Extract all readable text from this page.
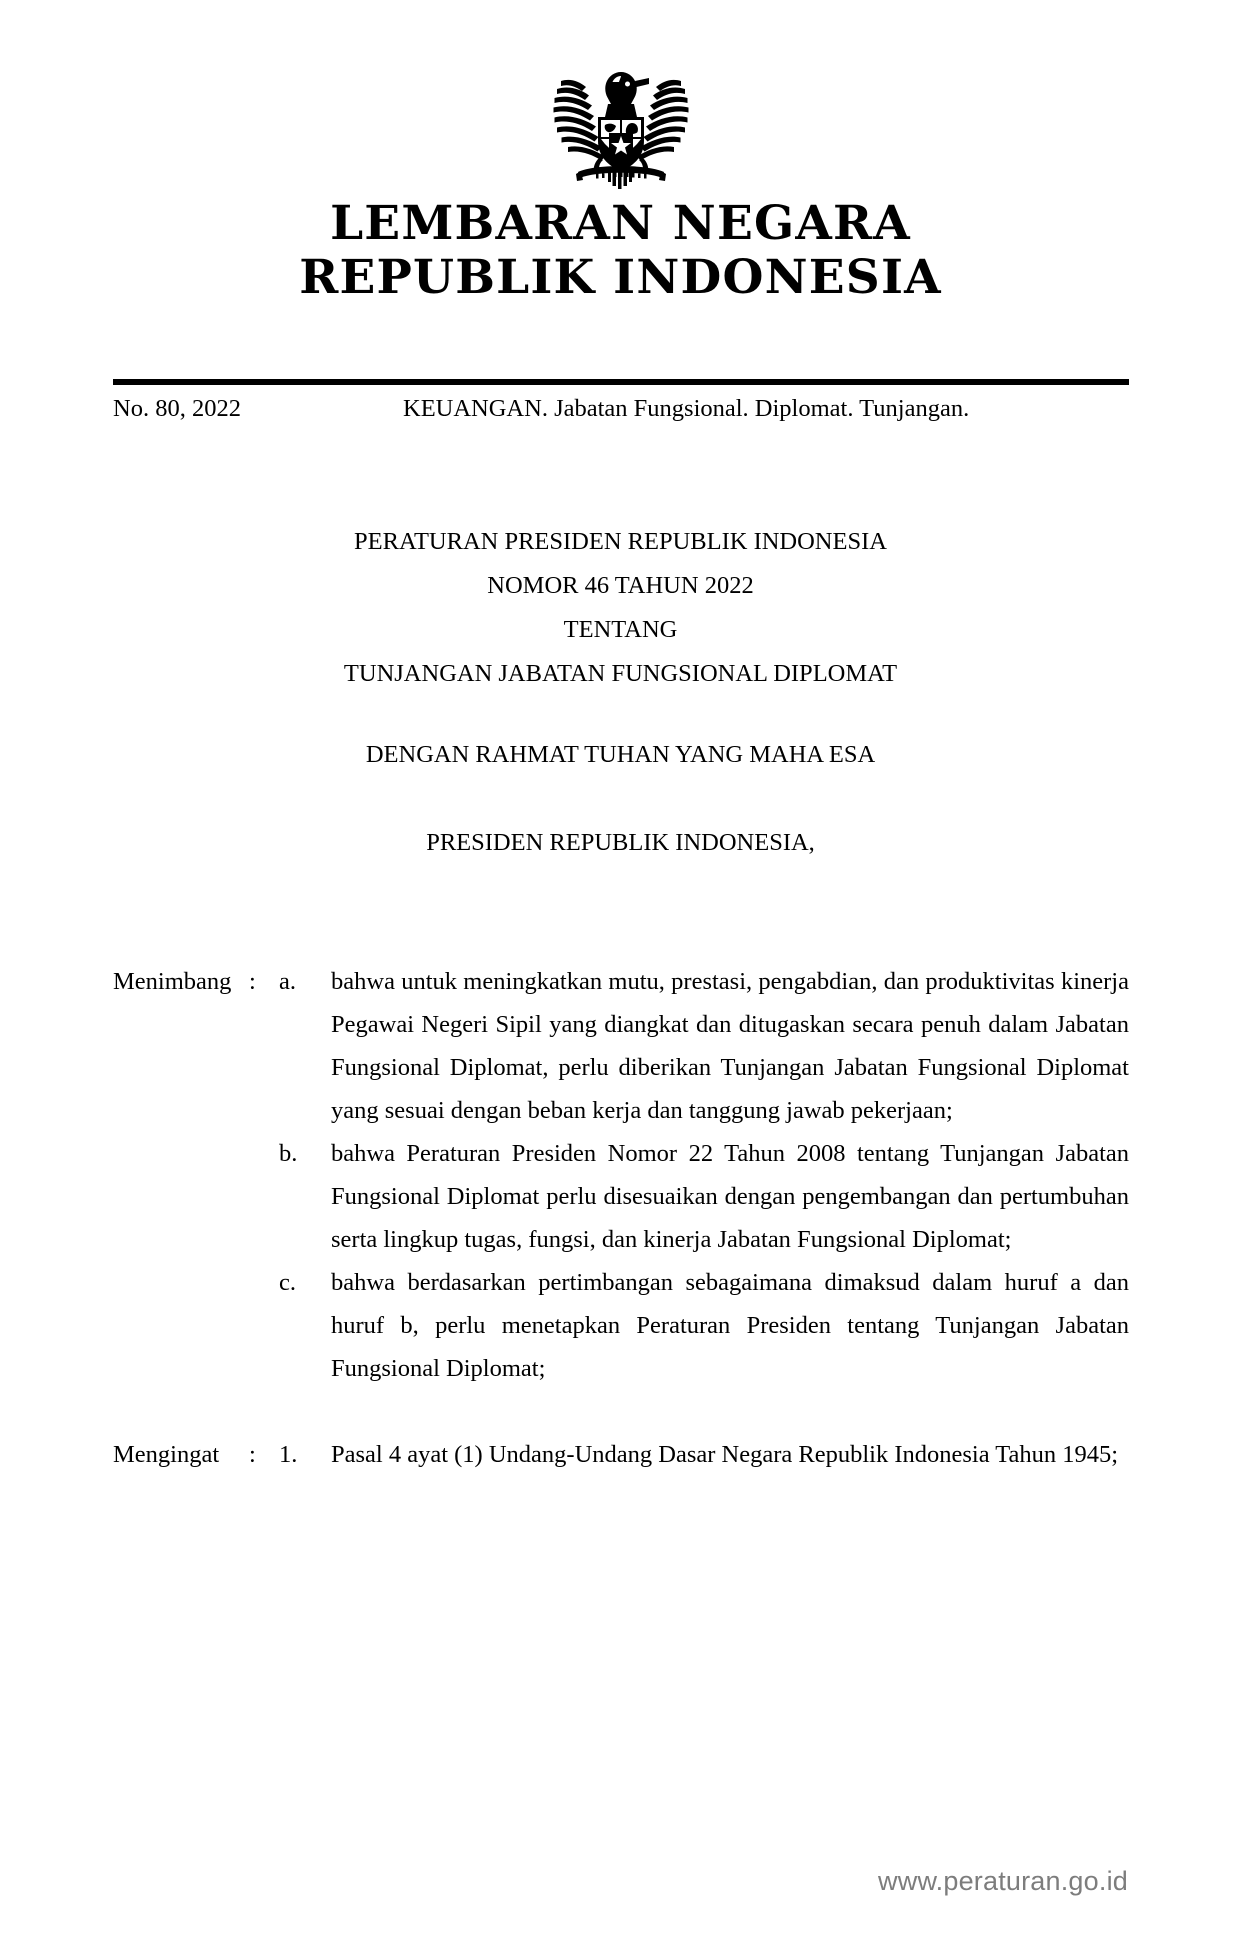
LEMBARAN NEGARA
REPUBLIK INDONESIA
No. 80, 2022	KEUANGAN. Jabatan Fungsional. Diplomat. Tunjangan.
PERATURAN PRESIDEN REPUBLIK INDONESIA
NOMOR 46 TAHUN 2022
TENTANG
TUNJANGAN JABATAN FUNGSIONAL DIPLOMAT
DENGAN RAHMAT TUHAN YANG MAHA ESA
PRESIDEN REPUBLIK INDONESIA,
Menimbang : a.	bahwa untuk meningkatkan mutu, prestasi, pengabdian, dan produktivitas kinerja Pegawai Negeri Sipil yang diangkat dan ditugaskan secara penuh dalam Jabatan Fungsional Diplomat, perlu diberikan Tunjangan Jabatan Fungsional Diplomat yang sesuai dengan beban kerja dan tanggung jawab pekerjaan;
b.	bahwa Peraturan Presiden Nomor 22 Tahun 2008 tentang Tunjangan Jabatan Fungsional Diplomat perlu disesuaikan dengan pengembangan dan pertumbuhan serta lingkup tugas, fungsi, dan kinerja Jabatan Fungsional Diplomat;
c.	bahwa berdasarkan pertimbangan sebagaimana dimaksud dalam huruf a dan huruf b, perlu menetapkan Peraturan Presiden tentang Tunjangan Jabatan Fungsional Diplomat;
Mengingat	: 1.	Pasal 4 ayat (1) Undang-Undang Dasar Negara Republik Indonesia Tahun 1945;
www.peraturan.go.id
